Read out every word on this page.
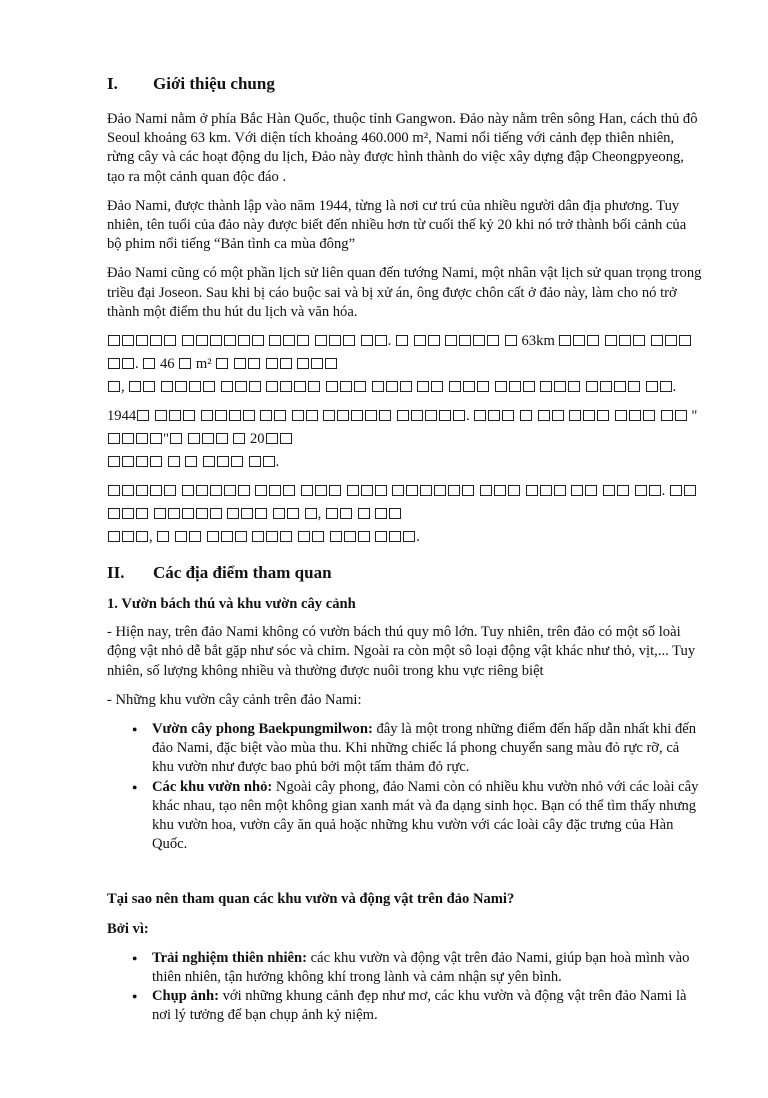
I.	Giới thiệu chung

Đảo Nami nằm ở phía Bắc Hàn Quốc, thuộc tỉnh Gangwon. Đảo này nằm trên sông Han, cách thủ đô Seoul khoảng 63 km. Với diện tích khoảng 460.000 m², Nami nổi tiếng với cảnh đẹp thiên nhiên, rừng cây và các hoạt động du lịch, Đảo này được hình thành do việc xây dựng đập Cheongpyeong, tạo ra một cảnh quan độc đáo .

Đảo Nami, được thành lập vào năm 1944, từng là nơi cư trú của nhiều người dân địa phương. Tuy nhiên, tên tuổi của đảo này được biết đến nhiều hơn từ cuối thế kỷ 20 khi nó trở thành bối cảnh của bộ phim nổi tiếng “Bản tình ca mùa đông”

Đảo Nami cũng có một phần lịch sử liên quan đến tướng Nami, một nhân vật lịch sử quan trọng trong triều đại Joseon. Sau khi bị cáo buộc sai và bị xử án, ông được chôn cất ở đảo này, làm cho nó trở thành một điểm thu hút du lịch và văn hóa.

.	63km    .  46 m²
,	.
1944	.	""	20
.
.     ,
,	.
II.	Các địa điểm tham quan

1. Vườn bách thú và khu vườn cây cảnh

- Hiện nay, trên đảo Nami không có vườn bách thú quy mô lớn. Tuy nhiên, trên đảo có một số loài động vật nhỏ dễ bắt gặp như sóc và chim. Ngoài ra còn một sô loại động vật khác như thỏ, vịt,... Tuy nhiên, số lượng không nhiều và thường được nuôi trong khu vực riêng biệt

- Những khu vườn cây cảnh trên đảo Nami:

● Vườn cây phong Baekpungmilwon: đây là một trong những điểm đến hấp dẫn nhất khi đến đảo Nami, đặc biệt vào mùa thu. Khi những chiếc lá phong chuyển sang màu đỏ rực rỡ, cả khu vườn như được bao phủ bởi một tấm thảm đỏ rực.
● Các khu vườn nhỏ: Ngoài cây phong, đảo Nami còn có nhiều khu vườn nhỏ với các loài cây khác nhau, tạo nên một không gian xanh mát và đa dạng sinh học. Bạn có thể tìm thấy nhưng khu vườn hoa, vườn cây ăn quả hoặc những khu vườn với các loài cây đặc trưng của Hàn Quốc.

Tại sao nên tham quan các khu vườn và động vật trên đảo Nami?

Bởi vì:

● Trải nghiệm thiên nhiên: các khu vườn và động vật trên đảo Nami, giúp bạn hoà mình vào thiên nhiên, tận hưởng không khí trong lành và cảm nhận sự yên bình.
● Chụp ảnh: với những khung cảnh đẹp như mơ, các khu vườn và động vật trên đảo Nami là nơi lý tưởng để bạn chụp ảnh kỷ niệm.
